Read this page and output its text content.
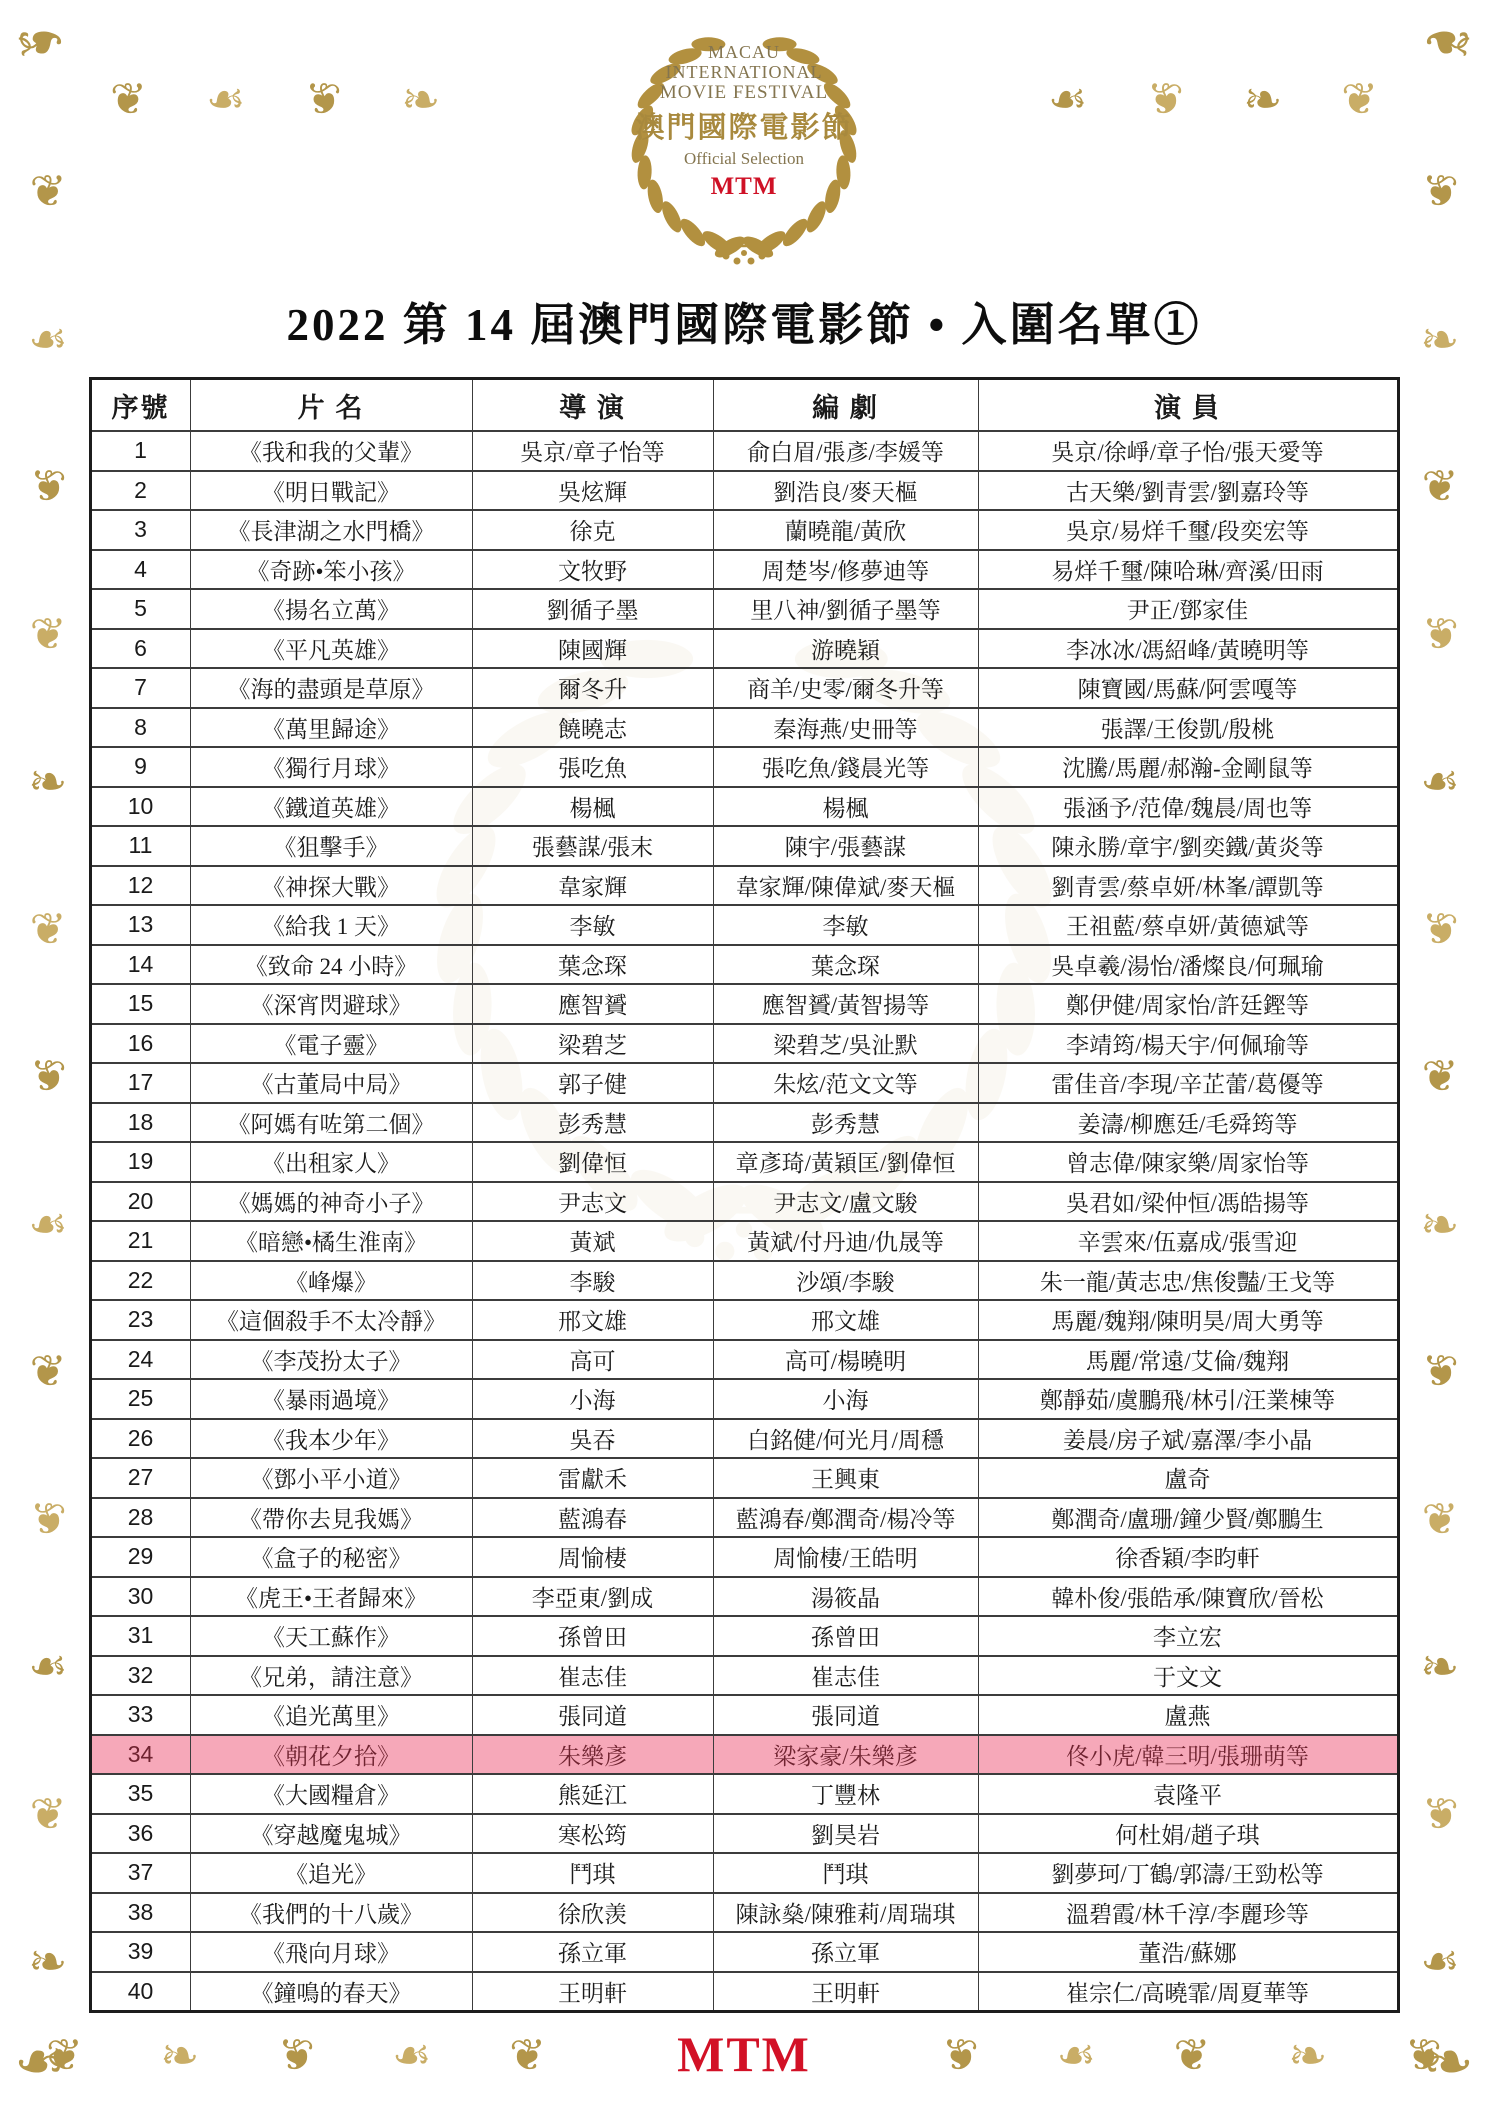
❧
❧
❧
❧
❦
☙
❦
❦
☙
❦
❦
☙
❦
❦
☙
❦
☙
❦
☙
❦
❦
☙
❦
❦
☙
❦
❦
☙
❦
☙
❦
☙
❦
☙
☙
❦
☙
❦
❦
☙
❦
☙
❦
❦
☙
❦
☙
❦
MACAU
INTERNATIONAL
MOVIE FESTIVAL
澳門國際電影節
Official Selection
MTM
2022 第 14 屆澳門國際電影節 • 入圍名單①
序號	片 名	導 演	編 劇	演 員
1	《我和我的父輩》	吳京/章子怡等	俞白眉/張彥/李媛等	吳京/徐崢/章子怡/張天愛等
2	《明日戰記》	吳炫輝	劉浩良/麥天樞	古天樂/劉青雲/劉嘉玲等
3	《長津湖之水門橋》	徐克	蘭曉龍/黃欣	吳京/易烊千璽/段奕宏等
4	《奇跡•笨小孩》	文牧野	周楚岑/修夢迪等	易烊千璽/陳哈琳/齊溪/田雨
5	《揚名立萬》	劉循子墨	里八神/劉循子墨等	尹正/鄧家佳
6	《平凡英雄》	陳國輝	游曉穎	李冰冰/馮紹峰/黃曉明等
7	《海的盡頭是草原》	爾冬升	商羊/史零/爾冬升等	陳寶國/馬蘇/阿雲嘎等
8	《萬里歸途》	饒曉志	秦海燕/史冊等	張譯/王俊凱/殷桃
9	《獨行月球》	張吃魚	張吃魚/錢晨光等	沈騰/馬麗/郝瀚-金剛鼠等
10	《鐵道英雄》	楊楓	楊楓	張涵予/范偉/魏晨/周也等
11	《狙擊手》	張藝謀/張末	陳宇/張藝謀	陳永勝/章宇/劉奕鐵/黃炎等
12	《神探大戰》	韋家輝	韋家輝/陳偉斌/麥天樞	劉青雲/蔡卓妍/林峯/譚凱等
13	《給我 1 天》	李敏	李敏	王祖藍/蔡卓妍/黃德斌等
14	《致命 24 小時》	葉念琛	葉念琛	吳卓羲/湯怡/潘燦良/何珮瑜
15	《深宵閃避球》	應智贇	應智贇/黃智揚等	鄭伊健/周家怡/許廷鏗等
16	《電子靈》	梁碧芝	梁碧芝/吳沚默	李靖筠/楊天宇/何佩瑜等
17	《古董局中局》	郭子健	朱炫/范文文等	雷佳音/李現/辛芷蕾/葛優等
18	《阿媽有咗第二個》	彭秀慧	彭秀慧	姜濤/柳應廷/毛舜筠等
19	《出租家人》	劉偉恒	章彥琦/黃穎匡/劉偉恒	曾志偉/陳家樂/周家怡等
20	《媽媽的神奇小子》	尹志文	尹志文/盧文駿	吳君如/梁仲恒/馮皓揚等
21	《暗戀•橘生淮南》	黃斌	黃斌/付丹迪/仇晟等	辛雲來/伍嘉成/張雪迎
22	《峰爆》	李駿	沙頌/李駿	朱一龍/黃志忠/焦俊豔/王戈等
23	《這個殺手不太冷靜》	邢文雄	邢文雄	馬麗/魏翔/陳明昊/周大勇等
24	《李茂扮太子》	高可	高可/楊曉明	馬麗/常遠/艾倫/魏翔
25	《暴雨過境》	小海	小海	鄭靜茹/虞鵬飛/林引/汪業棟等
26	《我本少年》	吳吞	白銘健/何光月/周穩	姜晨/房子斌/嘉澤/李小晶
27	《鄧小平小道》	雷獻禾	王興東	盧奇
28	《帶你去見我媽》	藍鴻春	藍鴻春/鄭潤奇/楊冷等	鄭潤奇/盧珊/鐘少賢/鄭鵬生
29	《盒子的秘密》	周愉棲	周愉棲/王皓明	徐香穎/李昀軒
30	《虎王•王者歸來》	李亞東/劉成	湯筱晶	韓朴俊/張皓承/陳寶欣/晉松
31	《天工蘇作》	孫曾田	孫曾田	李立宏
32	《兄弟，請注意》	崔志佳	崔志佳	于文文
33	《追光萬里》	張同道	張同道	盧燕
34	《朝花夕拾》	朱樂彥	梁家豪/朱樂彥	佟小虎/韓三明/張珊萌等
35	《大國糧倉》	熊延江	丁豐林	袁隆平
36	《穿越魔鬼城》	寒松筠	劉昊岩	何杜娟/趙子琪
37	《追光》	鬥琪	鬥琪	劉夢珂/丁鶴/郭濤/王勁松等
38	《我們的十八歲》	徐欣羡	陳詠燊/陳雅莉/周瑞琪	溫碧霞/林千淳/李麗珍等
39	《飛向月球》	孫立軍	孫立軍	董浩/蘇娜
40	《鐘鳴的春天》	王明軒	王明軒	崔宗仁/高曉霏/周夏華等
MTM
